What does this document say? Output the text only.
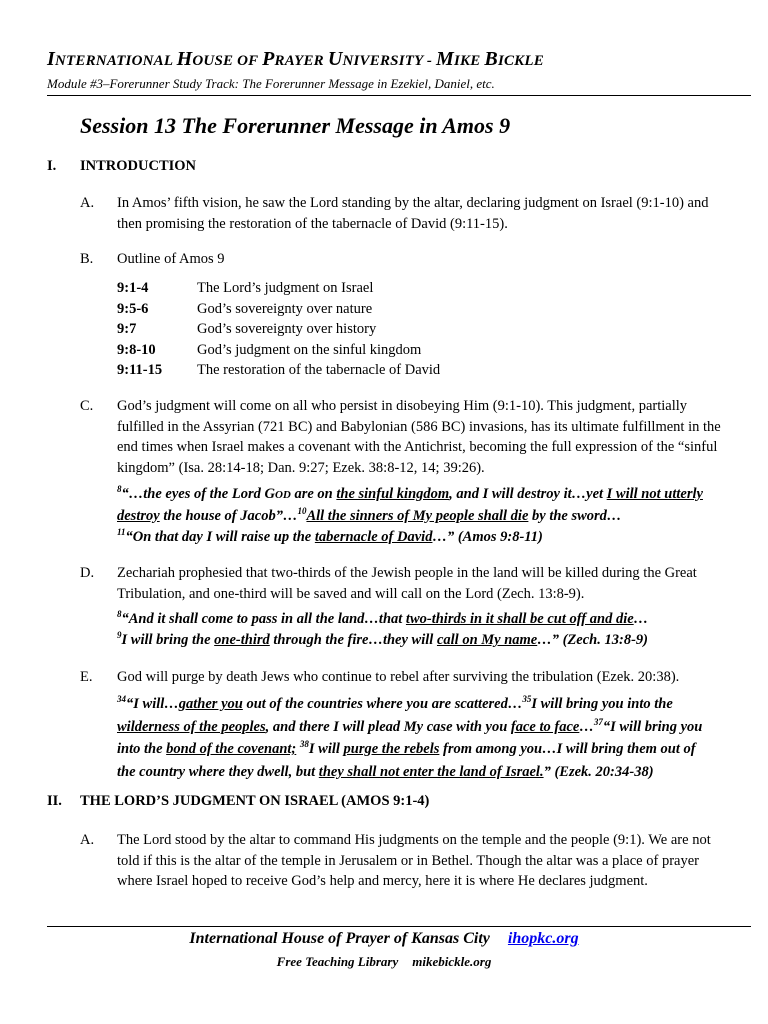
INTERNATIONAL HOUSE OF PRAYER UNIVERSITY - MIKE BICKLE
Module #3–Forerunner Study Track: The Forerunner Message in Ezekiel, Daniel, etc.
Session 13 The Forerunner Message in Amos 9
I. INTRODUCTION
A. In Amos’ fifth vision, he saw the Lord standing by the altar, declaring judgment on Israel (9:1-10) and then promising the restoration of the tabernacle of David (9:11-15).
B. Outline of Amos 9
9:1-4	The Lord’s judgment on Israel
9:5-6	God’s sovereignty over nature
9:7	God’s sovereignty over history
9:8-10	God’s judgment on the sinful kingdom
9:11-15	The restoration of the tabernacle of David
C. God’s judgment will come on all who persist in disobeying Him (9:1-10). This judgment, partially fulfilled in the Assyrian (721 BC) and Babylonian (586 BC) invasions, has its ultimate fulfillment in the end times when Israel makes a covenant with the Antichrist, becoming the full expression of the “sinful kingdom” (Isa. 28:14-18; Dan. 9:27; Ezek. 38:8-12, 14; 39:26).
$^8$“…the eyes of the Lord GOD are on the sinful kingdom, and I will destroy it…yet I will not utterly destroy the house of Jacob”…$^{10}$All the sinners of My people shall die by the sword…
$^{11}$“On that day I will raise up the tabernacle of David…” (Amos 9:8-11)
D. Zechariah prophesied that two-thirds of the Jewish people in the land will be killed during the Great Tribulation, and one-third will be saved and will call on the Lord (Zech. 13:8-9).
$^8$“And it shall come to pass in all the land…that two-thirds in it shall be cut off and die…
$^9$I will bring the one-third through the fire…they will call on My name…” (Zech. 13:8-9)
E. God will purge by death Jews who continue to rebel after surviving the tribulation (Ezek. 20:38).
$^{34}$“I will…gather you out of the countries where you are scattered…$^{35}$I will bring you into the wilderness of the peoples, and there I will plead My case with you face to face…$^{37}$“I will bring you into the bond of the covenant; $^{38}$I will purge the rebels from among you…I will bring them out of the country where they dwell, but they shall not enter the land of Israel.” (Ezek. 20:34-38)
II. THE LORD’S JUDGMENT ON ISRAEL (AMOS 9:1-4)
A. The Lord stood by the altar to command His judgments on the temple and the people (9:1). We are not told if this is the altar of the temple in Jerusalem or in Bethel. Though the altar was a place of prayer where Israel hoped to receive God’s help and mercy, here it is where He declares judgment.
International House of Prayer of Kansas City ihopkc.org
Free Teaching Library mikebickle.org
